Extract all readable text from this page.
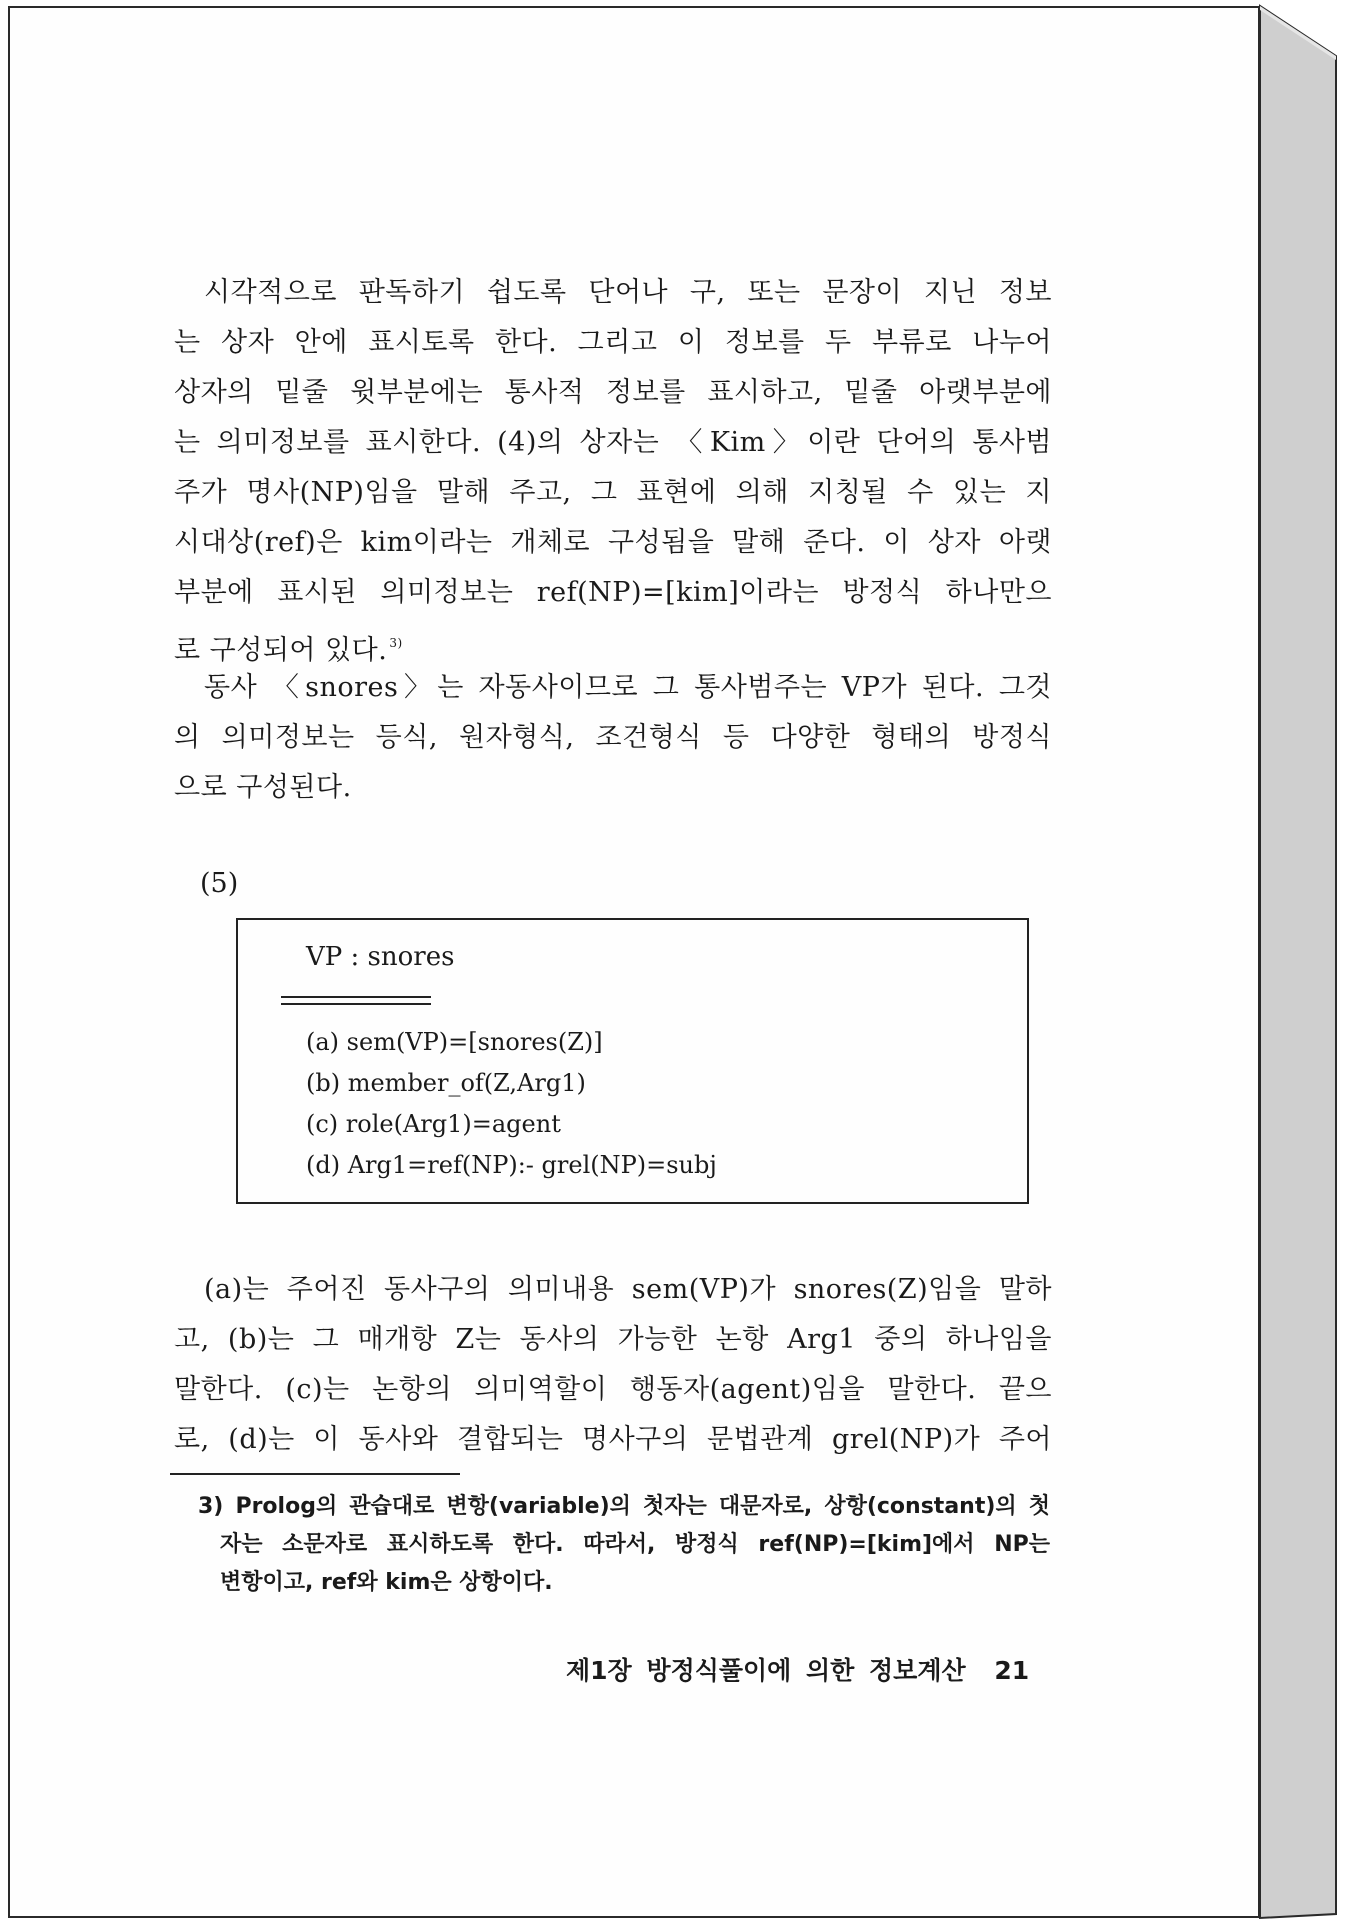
시각적으로 판독하기 쉽도록 단어나 구, 또는 문장이 지닌 정보
는 상자 안에 표시토록 한다. 그리고 이 정보를 두 부류로 나누어
상자의 밑줄 윗부분에는 통사적 정보를 표시하고, 밑줄 아랫부분에
는 의미정보를 표시한다. (4)의 상자는 〈Kim〉이란 단어의 통사범
주가 명사(NP)임을 말해 주고, 그 표현에 의해 지칭될 수 있는 지
시대상(ref)은 kim이라는 개체로 구성됨을 말해 준다. 이 상자 아랫
부분에 표시된 의미정보는 ref(NP)=[kim]이라는 방정식 하나만으
로 구성되어 있다. $^{3)}$

동사 〈snores〉는 자동사이므로 그 통사범주는 VP가 된다. 그것
의 의미정보는 등식, 원자형식, 조건형식 등 다양한 형태의 방정식
으로 구성된다.

(5)
VP : snores
(a) sem(VP)=[snores(Z)]
(b) member_of(Z,Arg1)
(c) role(Arg1)=agent
(d) Arg1=ref(NP):- grel(NP)=subj

(a)는 주어진 동사구의 의미내용 sem(VP)가 snores(Z)임을 말하
고, (b)는 그 매개항 Z는 동사의 가능한 논항 Arg1 중의 하나임을
말한다. (c)는 논항의 의미역할이 행동자(agent)임을 말한다. 끝으
로, (d)는 이 동사와 결합되는 명사구의 문법관계 grel(NP)가 주어

3) Prolog의 관습대로 변항(variable)의 첫자는 대문자로, 상항(constant)의 첫
자는 소문자로 표시하도록 한다. 따라서, 방정식 ref(NP)=[kim]에서 NP는
변항이고, ref와 kim은 상항이다.
제1장 방정식풀이에 의한 정보계산 21
